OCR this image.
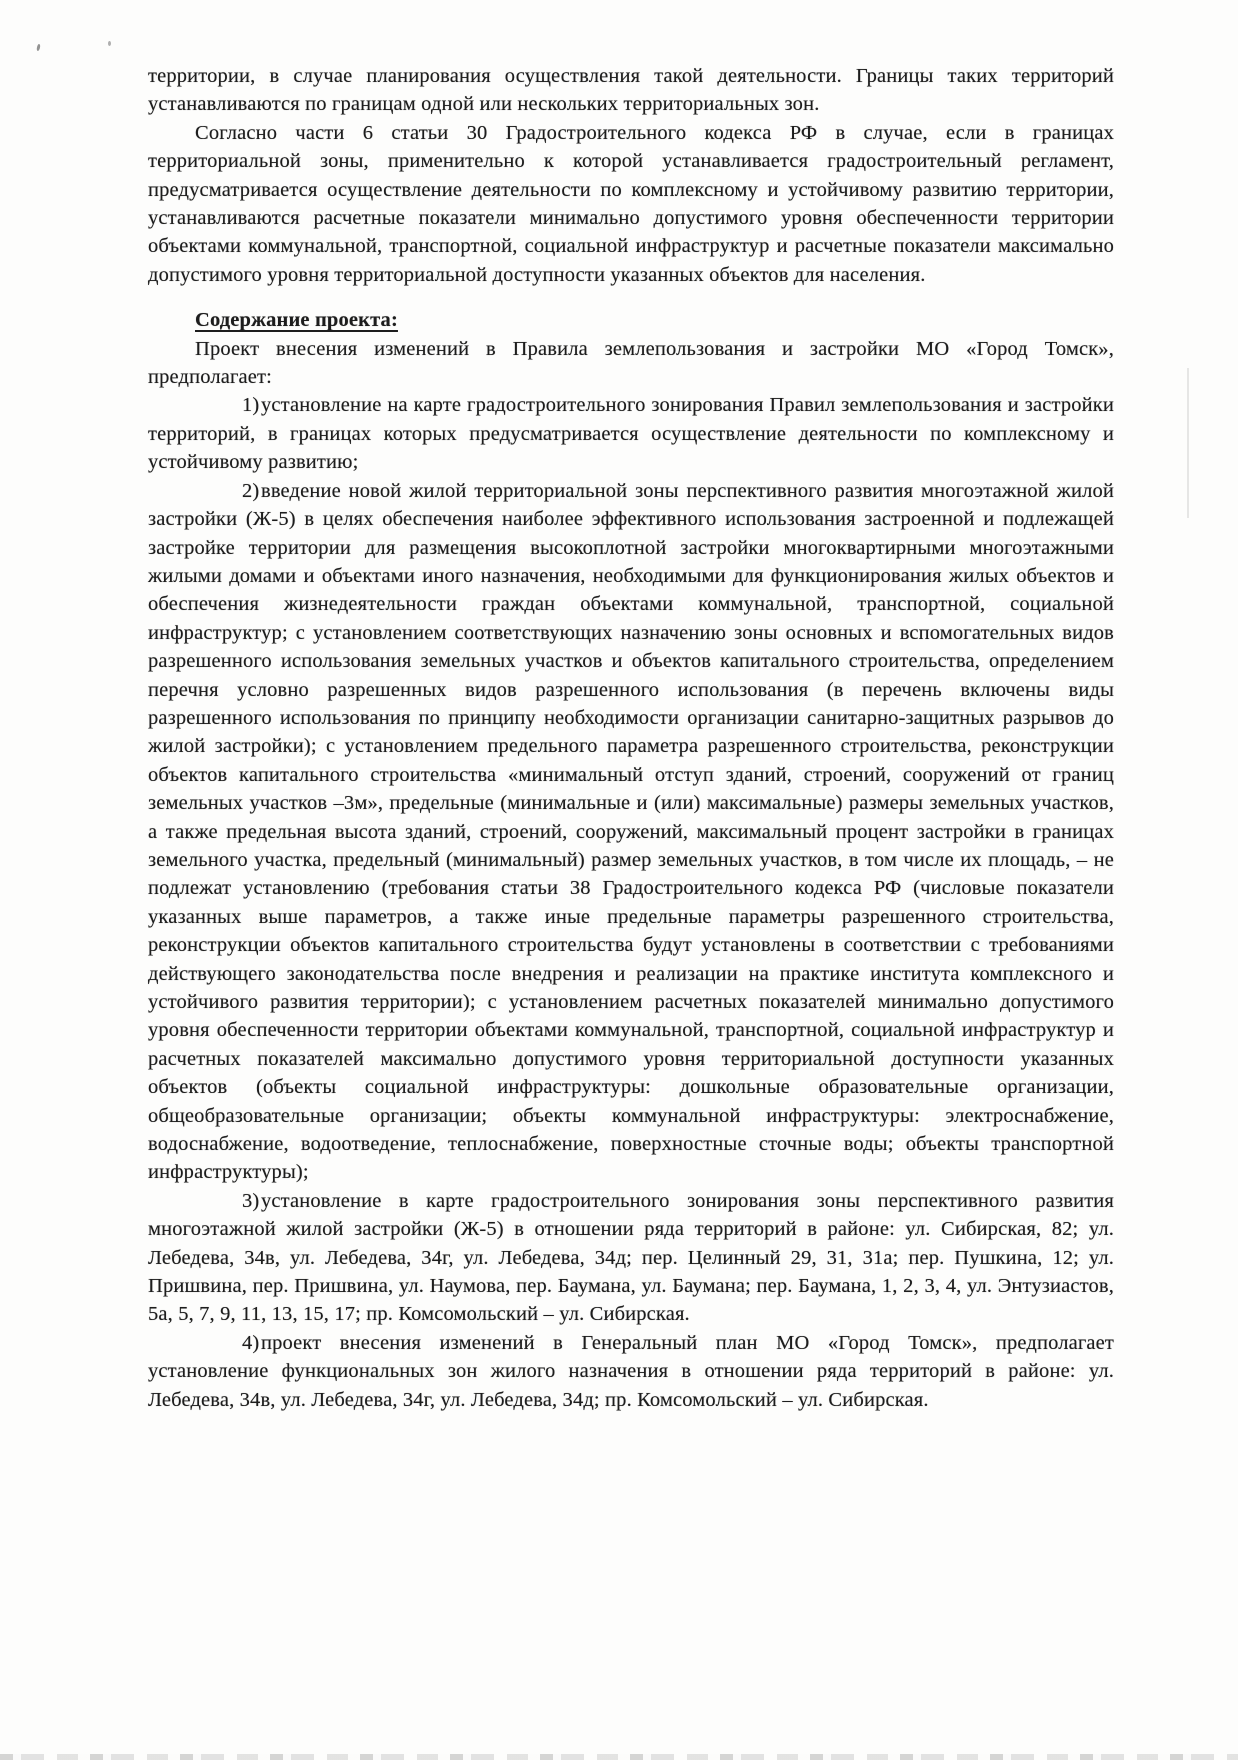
территории, в случае планирования осуществления такой деятельности. Границы таких территорий устанавливаются по границам одной или нескольких территориальных зон.

Согласно части 6 статьи 30 Градостроительного кодекса РФ в случае, если в границах территориальной зоны, применительно к которой устанавливается градостроительный регламент, предусматривается осуществление деятельности по комплексному и устойчивому развитию территории, устанавливаются расчетные показатели минимально допустимого уровня обеспеченности территории объектами коммунальной, транспортной, социальной инфраструктур и расчетные показатели максимально допустимого уровня территориальной доступности указанных объектов для населения.

Содержание проекта:

Проект внесения изменений в Правила землепользования и застройки МО «Город Томск», предполагает:

1)установление на карте градостроительного зонирования Правил землепользования и застройки территорий, в границах которых предусматривается осуществление деятельности по комплексному и устойчивому развитию;

2)введение новой жилой территориальной зоны перспективного развития многоэтажной жилой застройки (Ж-5) в целях обеспечения наиболее эффективного использования застроенной и подлежащей застройке территории для размещения высокоплотной застройки многоквартирными многоэтажными жилыми домами и объектами иного назначения, необходимыми для функционирования жилых объектов и обеспечения жизнедеятельности граждан объектами коммунальной, транспортной, социальной инфраструктур; с установлением соответствующих назначению зоны основных и вспомогательных видов разрешенного использования земельных участков и объектов капитального строительства, определением перечня условно разрешенных видов разрешенного использования (в перечень включены виды разрешенного использования по принципу необходимости организации санитарно-защитных разрывов до жилой застройки); с установлением предельного параметра разрешенного строительства, реконструкции объектов капитального строительства «минимальный отступ зданий, строений, сооружений от границ земельных участков –3м», предельные (минимальные и (или) максимальные) размеры земельных участков, а также предельная высота зданий, строений, сооружений, максимальный процент застройки в границах земельного участка, предельный (минимальный) размер земельных участков, в том числе их площадь, – не подлежат установлению (требования статьи 38 Градостроительного кодекса РФ (числовые показатели указанных выше параметров, а также иные предельные параметры разрешенного строительства, реконструкции объектов капитального строительства будут установлены в соответствии с требованиями действующего законодательства после внедрения и реализации на практике института комплексного и устойчивого развития территории); с установлением расчетных показателей минимально допустимого уровня обеспеченности территории объектами коммунальной, транспортной, социальной инфраструктур и расчетных показателей максимально допустимого уровня территориальной доступности указанных объектов (объекты социальной инфраструктуры: дошкольные образовательные организации, общеобразовательные организации; объекты коммунальной инфраструктуры: электроснабжение, водоснабжение, водоотведение, теплоснабжение, поверхностные сточные воды; объекты транспортной инфраструктуры);

3)установление в карте градостроительного зонирования зоны перспективного развития многоэтажной жилой застройки (Ж-5) в отношении ряда территорий в районе: ул. Сибирская, 82; ул. Лебедева, 34в, ул. Лебедева, 34г, ул. Лебедева, 34д; пер. Целинный 29, 31, 31а; пер. Пушкина, 12; ул. Пришвина, пер. Пришвина, ул. Наумова, пер. Баумана, ул. Баумана; пер. Баумана, 1, 2, 3, 4, ул. Энтузиастов, 5а, 5, 7, 9, 11, 13, 15, 17; пр. Комсомольский – ул. Сибирская.

4)проект внесения изменений в Генеральный план МО «Город Томск», предполагает установление функциональных зон жилого назначения в отношении ряда территорий в районе: ул. Лебедева, 34в, ул. Лебедева, 34г, ул. Лебедева, 34д; пр. Комсомольский – ул. Сибирская.
